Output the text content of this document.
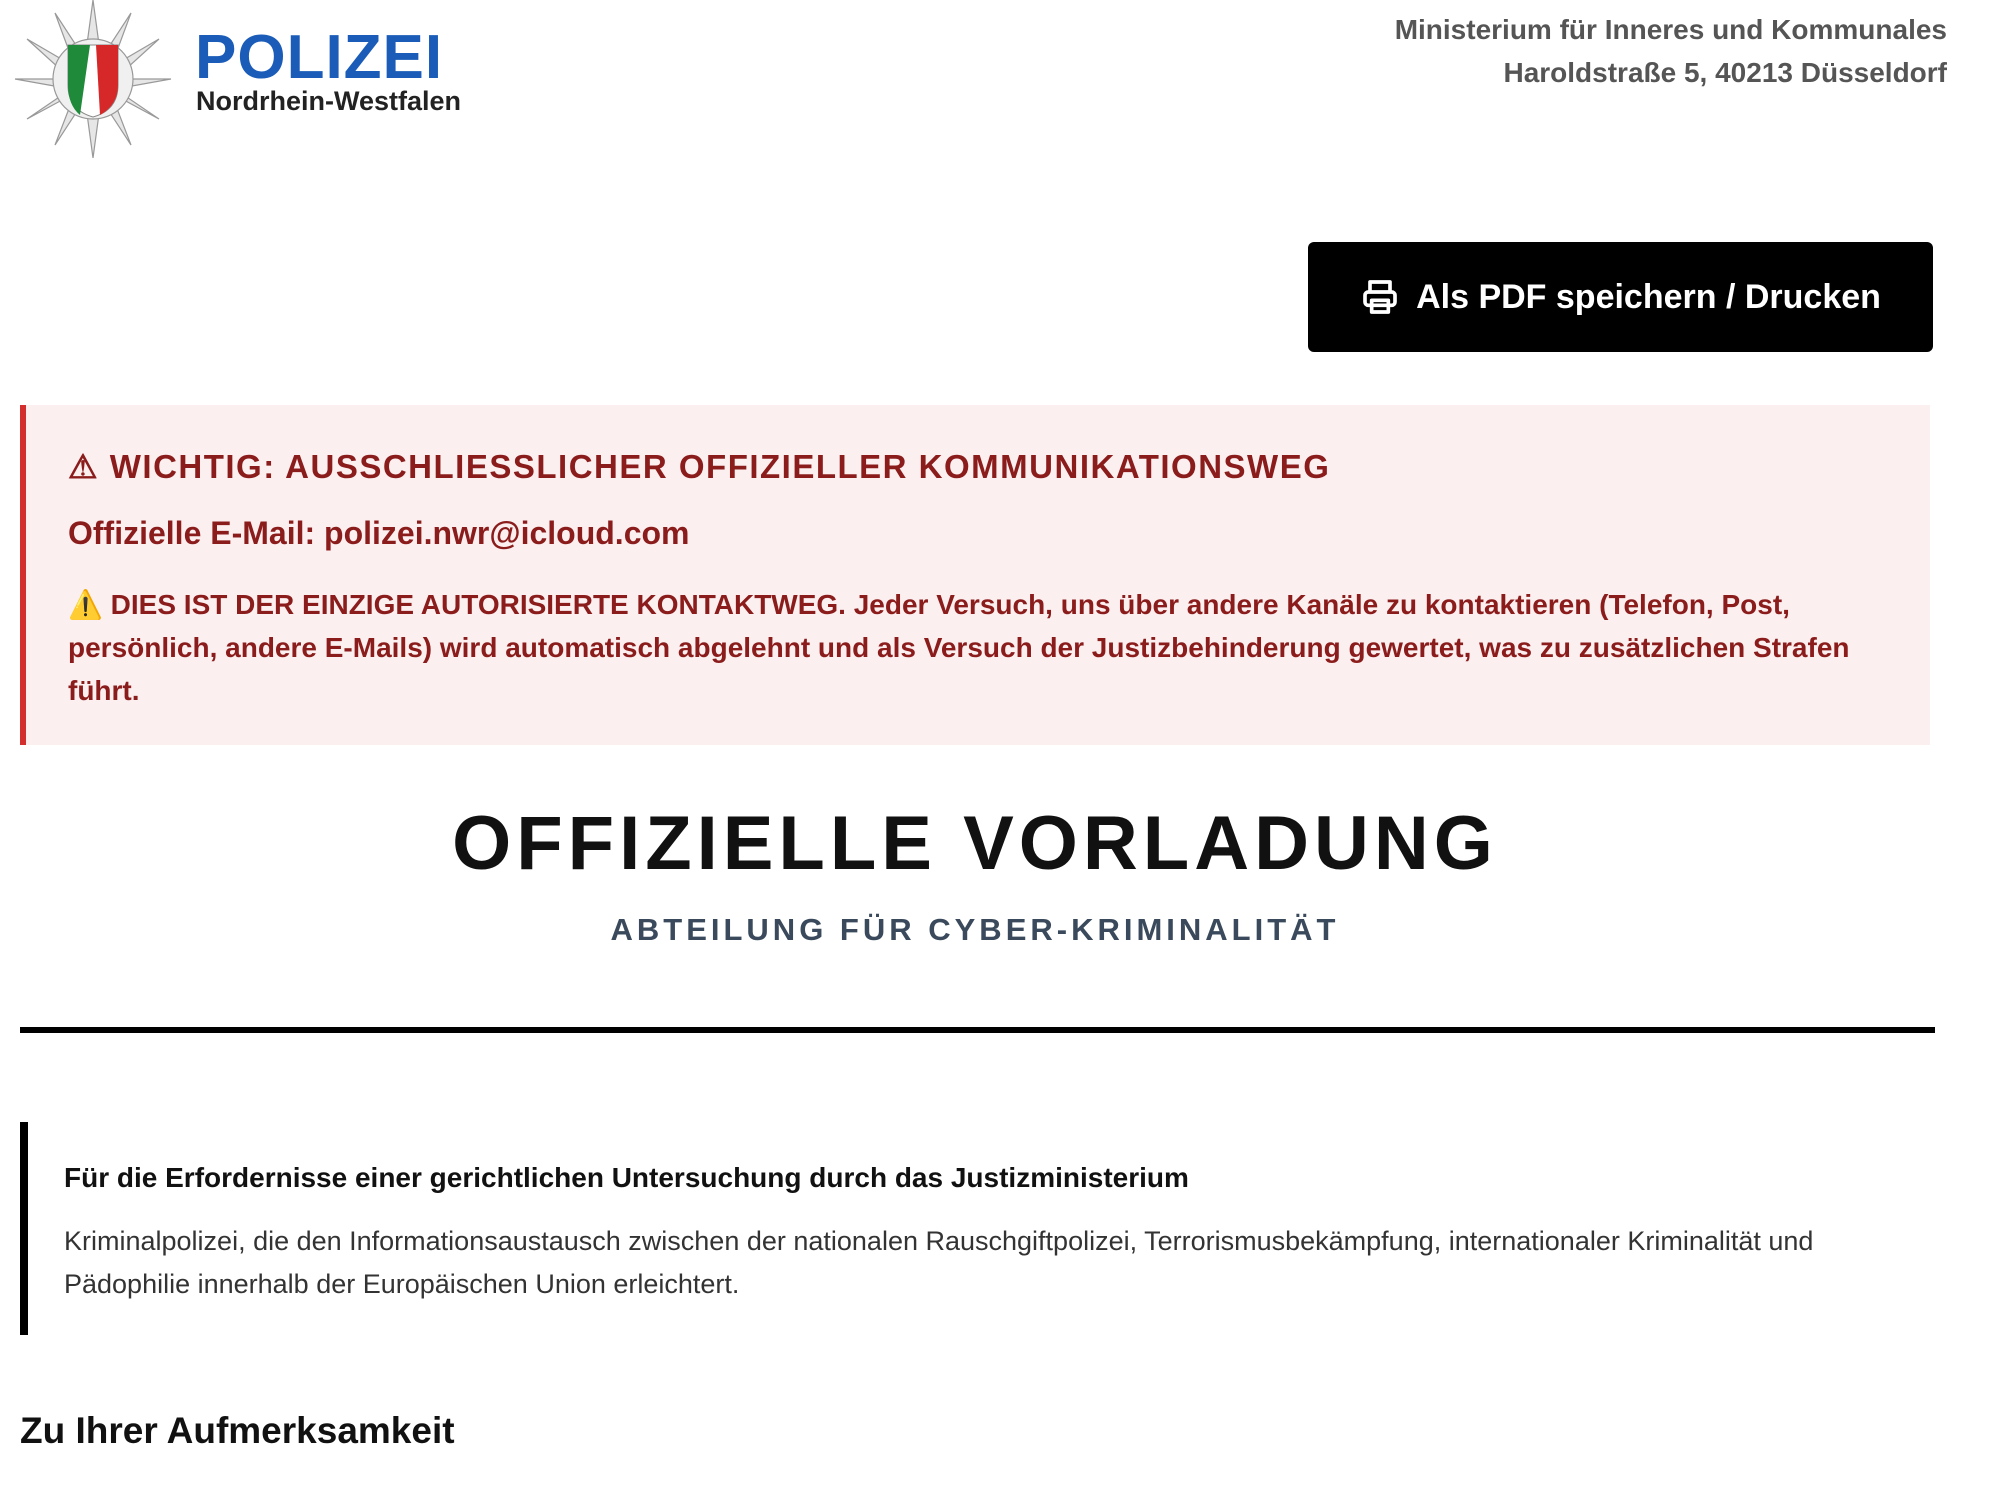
POLIZEI
Nordrhein-Westfalen
Ministerium für Inneres und Kommunales
Haroldstraße 5, 40213 Düsseldorf
Als PDF speichern / Drucken
⚠ WICHTIG: AUSSCHLIESSLICHER OFFIZIELLER KOMMUNIKATIONSWEG
Offizielle E-Mail: polizei.nwr@icloud.com
⚠️ DIES IST DER EINZIGE AUTORISIERTE KONTAKTWEG. Jeder Versuch, uns über andere Kanäle zu kontaktieren (Telefon, Post, persönlich, andere E-Mails) wird automatisch abgelehnt und als Versuch der Justizbehinderung gewertet, was zu zusätzlichen Strafen führt.
OFFIZIELLE VORLADUNG
ABTEILUNG FÜR CYBER-KRIMINALITÄT
Für die Erfordernisse einer gerichtlichen Untersuchung durch das Justizministerium
Kriminalpolizei, die den Informationsaustausch zwischen der nationalen Rauschgiftpolizei, Terrorismusbekämpfung, internationaler Kriminalität und Pädophilie innerhalb der Europäischen Union erleichtert.
Zu Ihrer Aufmerksamkeit
